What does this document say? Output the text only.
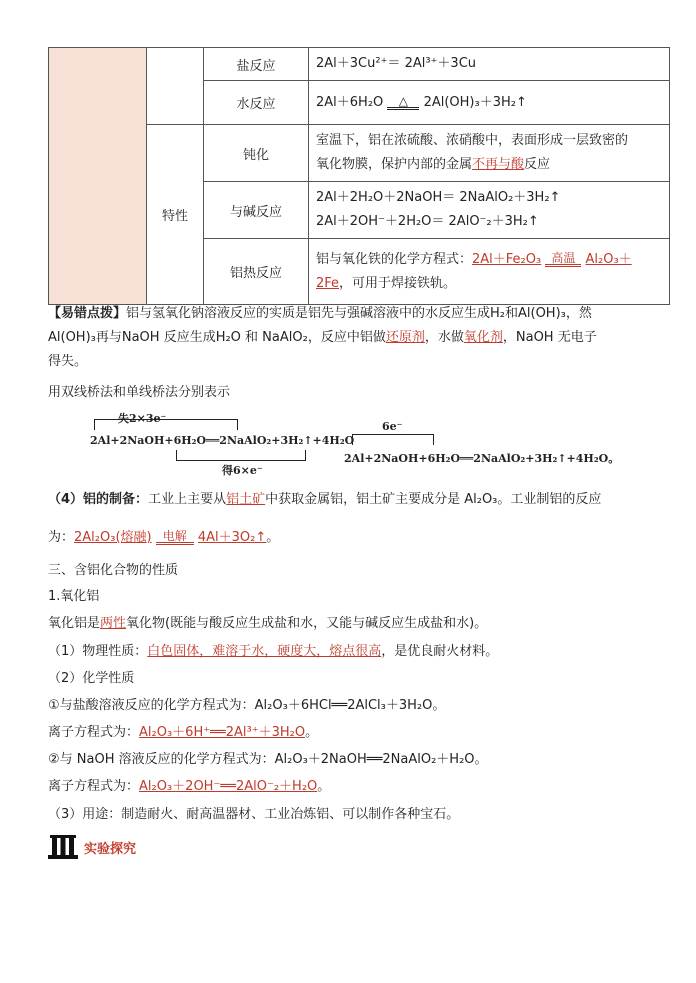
		盐反应	2Al＋3Cu²⁺＝ 2Al³⁺＋3Cu
		水反应	2Al＋6H₂O △ 2Al(OH)₃＋3H₂↑
	特性	钝化	室温下，铝在浓硫酸、浓硝酸中，表面形成一层致密的
氧化物膜，保护内部的金属不再与酸反应

		与碱反应	2Al＋2H₂O＋2NaOH＝ 2NaAlO₂＋3H₂↑
2Al＋2OH⁻＋2H₂O＝ 2AlO⁻₂＋3H₂↑

		铝热反应	铝与氧化铁的化学方程式：2Al＋Fe₂O₃ 高温 Al₂O₃＋
2Fe，可用于焊接铁轨。
【易错点拨】铝与氢氧化钠溶液反应的实质是铝先与强碱溶液中的水反应生成H₂和Al(OH)₃，然
Al(OH)₃再与NaOH 反应生成H₂O 和 NaAlO₂，反应中铝做还原剂，水做氧化剂，NaOH 无电子
得失。
用双线桥法和单线桥法分别表示
失2×3e⁻
2Al+2NaOH+6H₂O══2NaAlO₂+3H₂↑+4H₂O
得6×e⁻
6e⁻
2Al+2NaOH+6H₂O══2NaAlO₂+3H₂↑+4H₂O。
（4）铝的制备：工业上主要从铝土矿中获取金属铝，铝土矿主要成分是 Al₂O₃。工业制铝的反应
为：2Al₂O₃(熔融) 电解 4Al＋3O₂↑。
三、含铝化合物的性质
1.氧化铝
氧化铝是两性氧化物(既能与酸反应生成盐和水，又能与碱反应生成盐和水)。
（1）物理性质：白色固体，难溶于水，硬度大，熔点很高，是优良耐火材料。
（2）化学性质
①与盐酸溶液反应的化学方程式为：Al₂O₃＋6HCl══2AlCl₃＋3H₂O。
离子方程式为：Al₂O₃＋6H⁺══2Al³⁺＋3H₂O。
②与 NaOH 溶液反应的化学方程式为：Al₂O₃＋2NaOH══2NaAlO₂＋H₂O。
离子方程式为：Al₂O₃＋2OH⁻══2AlO⁻₂＋H₂O。
（3）用途：制造耐火、耐高温器材、工业冶炼铝、可以制作各种宝石。
实验探究
